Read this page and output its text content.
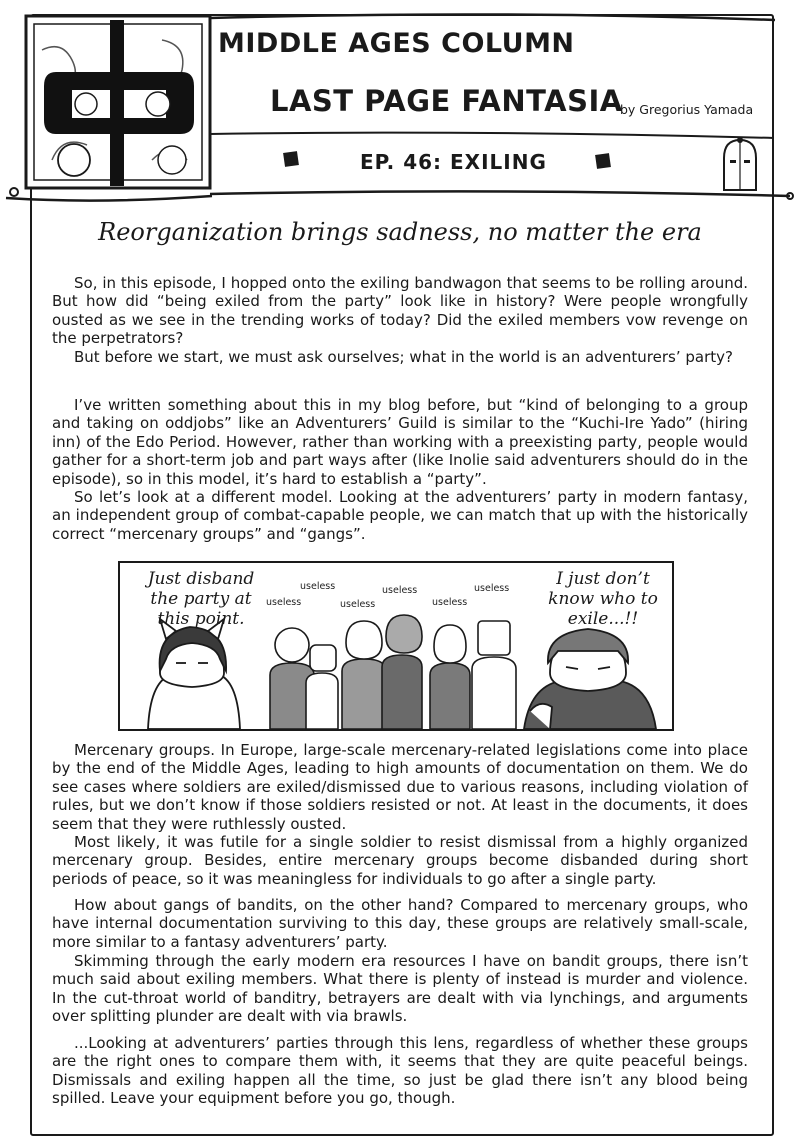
MIDDLE AGES COLUMN
LAST PAGE FANTASIA
by Gregorius Yamada
EP. 46: EXILING
Reorganization brings sadness, no matter the era

So, in this episode, I hopped onto the exiling bandwagon that seems to be rolling around. But how did “being exiled from the party” look like in history? Were people wrongfully ousted as we see in the trending works of today? Did the exiled members vow revenge on the perpetrators?

But before we start, we must ask ourselves; what in the world is an adventurers’ party?

I’ve written something about this in my blog before, but “kind of belonging to a group and taking on oddjobs” like an Adventurers’ Guild is similar to the “Kuchi-Ire Yado” (hiring inn) of the Edo Period. However, rather than working with a preexisting party, people would gather for a short-term job and part ways after (like Inolie said adventurers should do in the episode), so in this model, it’s hard to establish a “party”.

So let’s look at a different model. Looking at the adventurers’ party in modern fantasy, an independent group of combat-capable people, we can match that up with the historically correct “mercenary groups” and “gangs”.

Just disband the party at this point.
I just don’t know who to exile...!!
useless
useless	useless
useless
useless
useless

Mercenary groups. In Europe, large-scale mercenary-related legislations come into place by the end of the Middle Ages, leading to high amounts of documentation on them. We do see cases where soldiers are exiled/dismissed due to various reasons, including violation of rules, but we don’t know if those soldiers resisted or not. At least in the documents, it does seem that they were ruthlessly ousted.

Most likely, it was futile for a single soldier to resist dismissal from a highly organized mercenary group. Besides, entire mercenary groups become disbanded during short periods of peace, so it was meaningless for individuals to go after a single party.

How about gangs of bandits, on the other hand? Compared to mercenary groups, who have internal documentation surviving to this day, these groups are relatively small-scale, more similar to a fantasy adventurers’ party.

Skimming through the early modern era resources I have on bandit groups, there isn’t much said about exiling members. What there is plenty of instead is murder and violence. In the cut-throat world of banditry, betrayers are dealt with via lynchings, and arguments over splitting plunder are dealt with via brawls.

...Looking at adventurers’ parties through this lens, regardless of whether these groups are the right ones to compare them with, it seems that they are quite peaceful beings. Dismissals and exiling happen all the time, so just be glad there isn’t any blood being spilled. Leave your equipment before you go, though.
